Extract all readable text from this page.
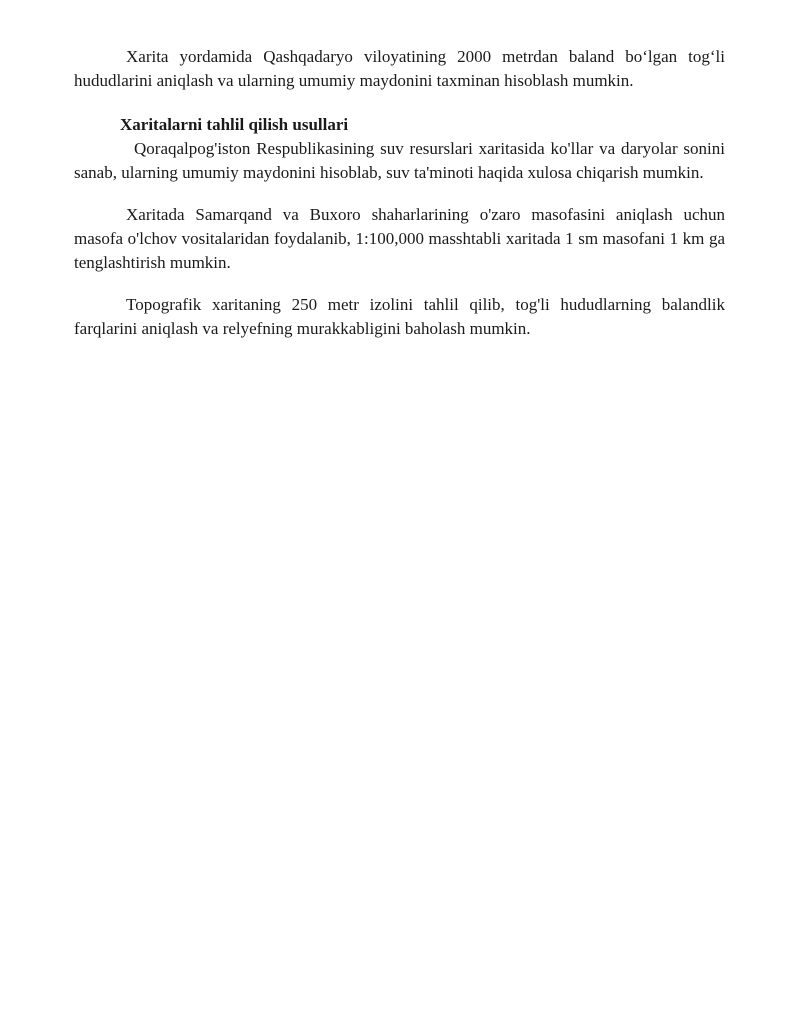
Xarita yordamida Qashqadaryo viloyatining 2000 metrdan baland bo‘lgan tog‘li hududlarini aniqlash va ularning umumiy maydonini taxminan hisoblash mumkin.

Xaritalarni tahlil qilish usullari

Qoraqalpog'iston Respublikasining suv resurslari xaritasida ko'llar va daryolar sonini sanab, ularning umumiy maydonini hisoblab, suv ta'minoti haqida xulosa chiqarish mumkin.

Xaritada Samarqand va Buxoro shaharlarining o'zaro masofasini aniqlash uchun masofa o'lchov vositalaridan foydalanib, 1:100,000 masshtabli xaritada 1 sm masofani 1 km ga tenglashtirish mumkin.

Topografik xaritaning 250 metr izolini tahlil qilib, tog'li hududlarning balandlik farqlarini aniqlash va relyefning murakkabligini baholash mumkin.
